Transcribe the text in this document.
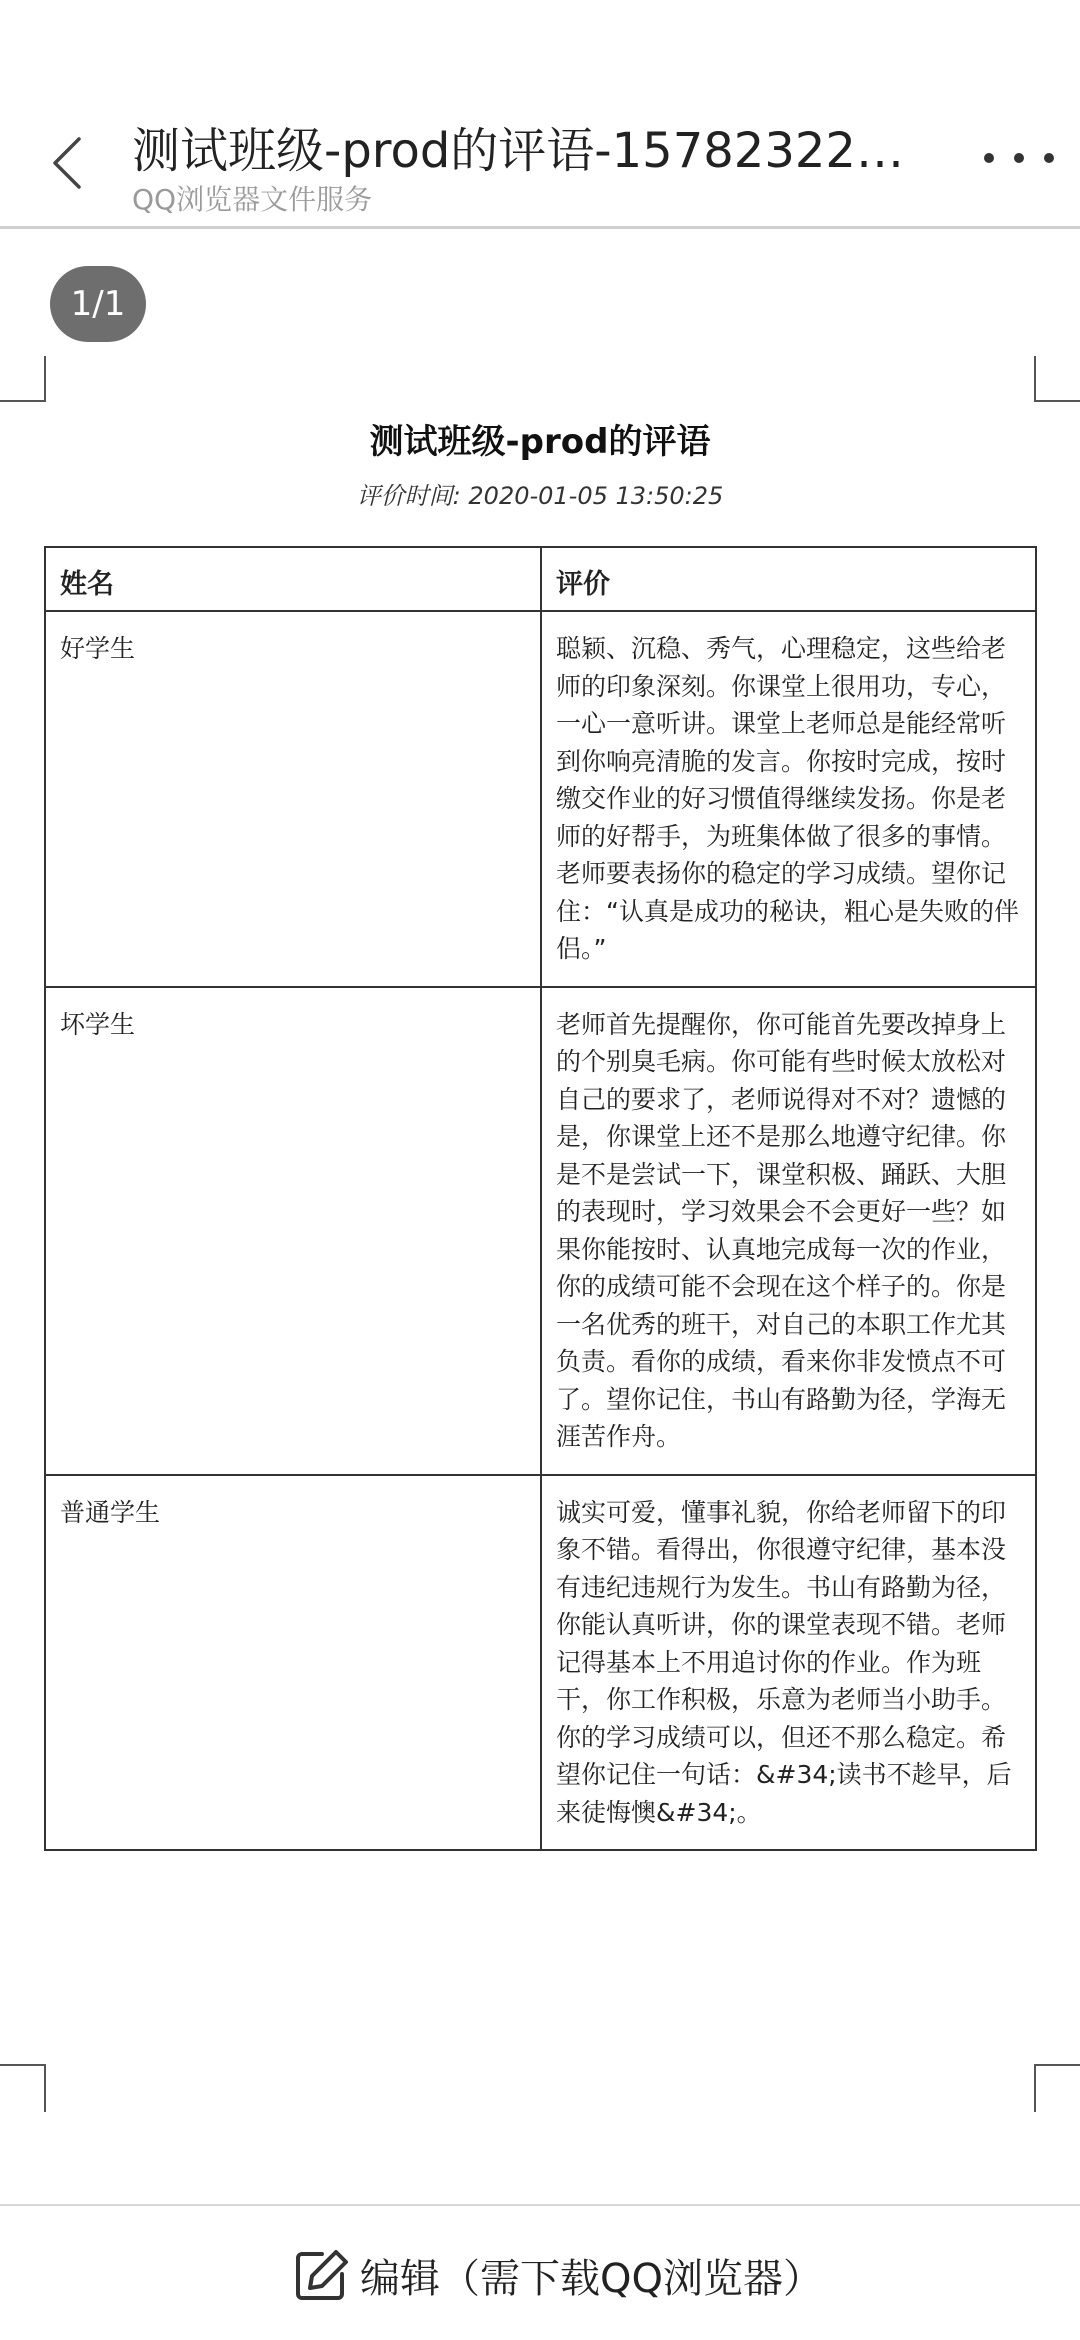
测试班级-prod的评语-15782322…
QQ浏览器文件服务
1/1
测试班级-prod的评语
评价时间: 2020-01-05 13:50:25
姓名	评价
好学生	聪颖、沉稳、秀气，心理稳定，这些给老师的印象深刻。你课堂上很用功，专心，一心一意听讲。课堂上老师总是能经常听到你响亮清脆的发言。你按时完成，按时缴交作业的好习惯值得继续发扬。你是老师的好帮手，为班集体做了很多的事情。老师要表扬你的稳定的学习成绩。望你记住：“认真是成功的秘诀，粗心是失败的伴侣。”
坏学生	老师首先提醒你，你可能首先要改掉身上的个别臭毛病。你可能有些时候太放松对自己的要求了，老师说得对不对？遗憾的是，你课堂上还不是那么地遵守纪律。你是不是尝试一下，课堂积极、踊跃、大胆的表现时，学习效果会不会更好一些？如果你能按时、认真地完成每一次的作业，你的成绩可能不会现在这个样子的。你是一名优秀的班干，对自己的本职工作尤其负责。看你的成绩，看来你非发愤点不可了。望你记住，书山有路勤为径，学海无涯苦作舟。
普通学生	诚实可爱，懂事礼貌，你给老师留下的印象不错。看得出，你很遵守纪律，基本没有违纪违规行为发生。书山有路勤为径，你能认真听讲，你的课堂表现不错。老师记得基本上不用追讨你的作业。作为班干，你工作积极，乐意为老师当小助手。你的学习成绩可以，但还不那么稳定。希望你记住一句话：&#34;读书不趁早，后来徒悔懊&#34;。
编辑（需下载QQ浏览器）
